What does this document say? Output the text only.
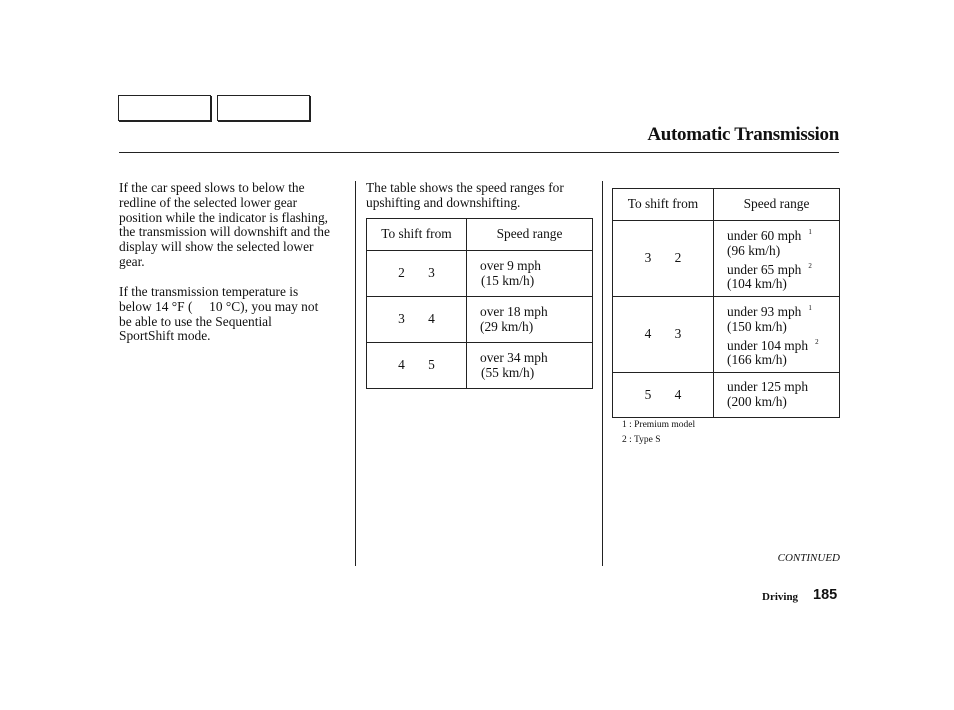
Automatic Transmission

If the car speed slows to below the redline of the selected lower gear position while the indicator is flashing, the transmission will downshift and the display will show the selected lower gear.

If the transmission temperature is
below 14 °F (  10 °C), you may not
be able to use the Sequential
SportShift mode.

The table shows the speed ranges for upshifting and downshifting.

To shift from	Speed range
2 3	over 9 mph
(15 km/h)

3 4	over 18 mph
(29 km/h)

4 5	over 34 mph
(55 km/h)
To shift from	Speed range
3 2	under 60 mph $^1$
(96 km/h)
under 65 mph $^2$
(104 km/h)

4 3	under 93 mph $^1$
(150 km/h)
under 104 mph $^2$
(166 km/h)

5 4	under 125 mph
(200 km/h)
1 : Premium model
2 : Type S
CONTINUED
Driving 185
